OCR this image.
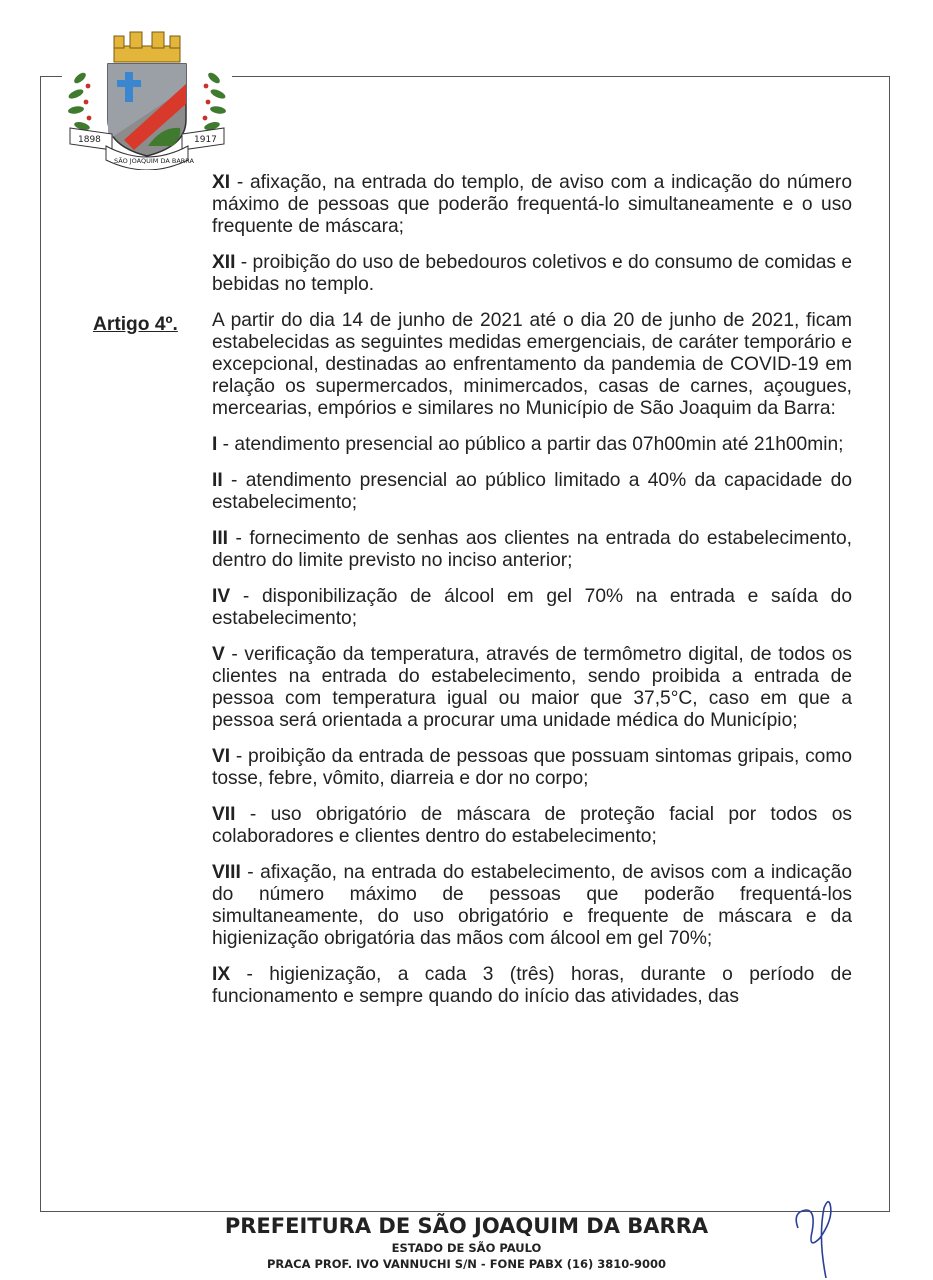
1898	1917
SÃO JOAQUIM DA BARRA

XI - afixação, na entrada do templo, de aviso com a indicação do número máximo de pessoas que poderão frequentá-lo simultaneamente e o uso frequente de máscara;

XII - proibição do uso de bebedouros coletivos e do consumo de comidas e bebidas no templo.

A partir do dia 14 de junho de 2021 até o dia 20 de junho de 2021, ficam estabelecidas as seguintes medidas emergenciais, de caráter temporário e excepcional, destinadas ao enfrentamento da pandemia de COVID-19 em relação os supermercados, minimercados, casas de carnes, açougues, mercearias, empórios e similares no Município de São Joaquim da Barra:

I - atendimento presencial ao público a partir das 07h00min até 21h00min;

II - atendimento presencial ao público limitado a 40% da capacidade do estabelecimento;

III - fornecimento de senhas aos clientes na entrada do estabelecimento, dentro do limite previsto no inciso anterior;

IV - disponibilização de álcool em gel 70% na entrada e saída do estabelecimento;

V - verificação da temperatura, através de termômetro digital, de todos os clientes na entrada do estabelecimento, sendo proibida a entrada de pessoa com temperatura igual ou maior que 37,5°C, caso em que a pessoa será orientada a procurar uma unidade médica do Município;

VI - proibição da entrada de pessoas que possuam sintomas gripais, como tosse, febre, vômito, diarreia e dor no corpo;

VII - uso obrigatório de máscara de proteção facial por todos os colaboradores e clientes dentro do estabelecimento;

VIII - afixação, na entrada do estabelecimento, de avisos com a indicação do número máximo de pessoas que poderão frequentá-los simultaneamente, do uso obrigatório e frequente de máscara e da higienização obrigatória das mãos com álcool em gel 70%;

IX - higienização, a cada 3 (três) horas, durante o período de funcionamento e sempre quando do início das atividades, das

Artigo 4º.
PREFEITURA DE SÃO JOAQUIM DA BARRA
ESTADO DE SÃO PAULO
PRACA PROF. IVO VANNUCHI S/N - FONE PABX (16) 3810-9000
